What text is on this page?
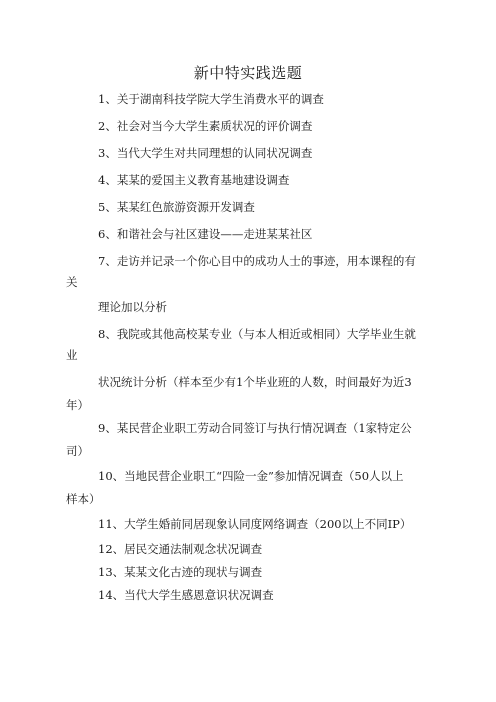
新中特实践选题
1、关于湖南科技学院大学生消费水平的调查
2、社会对当今大学生素质状况的评价调查
3、当代大学生对共同理想的认同状况调查
4、某某的爱国主义教育基地建设调查
5、某某红色旅游资源开发调查
6、和谐社会与社区建设——走进某某社区
7、走访并记录一个你心目中的成功人士的事迹，用本课程的有
关
理论加以分析
8、我院或其他高校某专业（与本人相近或相同）大学毕业生就
业
状况统计分析（样本至少有1个毕业班的人数，时间最好为近3
年）
9、某民营企业职工劳动合同签订与执行情况调查（1家特定公
司）
10、当地民营企业职工“四险一金”参加情况调查（50人以上
样本）
11、大学生婚前同居现象认同度网络调查（200以上不同IP）
12、居民交通法制观念状况调查
13、某某文化古迹的现状与调查
14、当代大学生感恩意识状况调查
